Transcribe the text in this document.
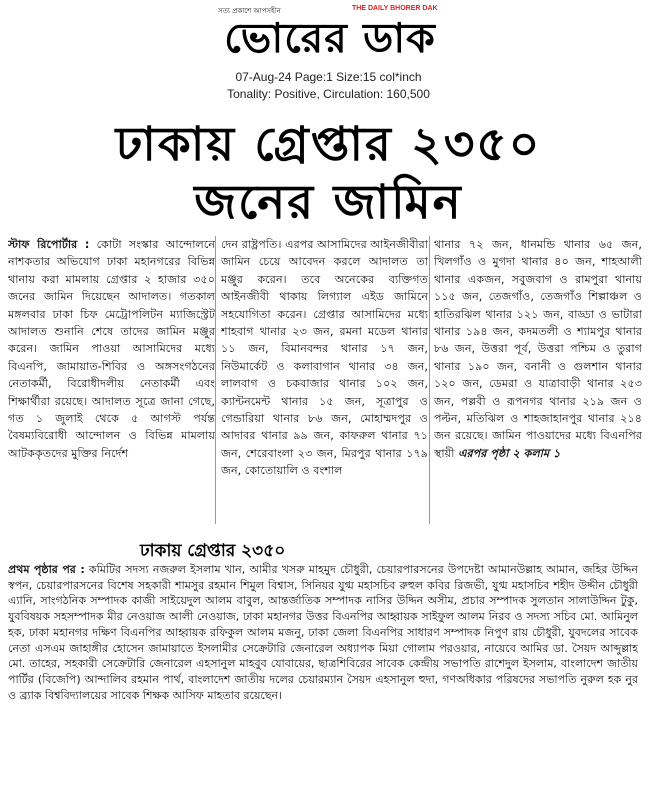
সত্য প্রকাশে আপসহীন	THE DAILY BHORER DAK
ভোরের ডাক
07-Aug-24 Page:1 Size:15 col*inch
Tonality: Positive, Circulation: 160,500
ঢাকায় গ্রেপ্তার ২৩৫০
জনের জামিন
স্টাফ রিপোর্টার : কোটা সংস্কার আন্দোলনে নাশকতার অভিযোগ ঢাকা মহানগরের বিভিন্ন থানায় করা মামলায় গ্রেপ্তার ২ হাজার ৩৫০ জনের জামিন দিয়েছেন আদালত। গতকাল মঙ্গলবার ঢাকা চিফ মেট্রোপলিটন ম্যাজিস্ট্রেট আদালত শুনানি শেষে তাদের জামিন মঞ্জুর করেন। জামিন পাওয়া আসামিদের মধ্যে বিএনপি, জামায়াত-শিবির ও অঙ্গসংগঠনের নেতাকর্মী, বিরোধীদলীয় নেতাকর্মী এবং শিক্ষার্থীরা রয়েছে। আদালত সূত্রে জানা গেছে, গত ১ জুলাই থেকে ৫ আগস্ট পর্যন্ত বৈষম্যবিরোধী আন্দোলন ও বিভিন্ন মামলায় আটককৃতদের মুক্তির নির্দেশ
দেন রাষ্ট্রপতি। এরপর আসামিদের আইনজীবীরা জামিন চেয়ে আবেদন করলে আদালত তা মঞ্জুর করেন। তবে অনেকের ব্যক্তিগত আইনজীবী থাকায় লিগ্যাল এইড জামিনে সহযোগিতা করেন। গ্রেপ্তার আসামিদের মধ্যে শাহবাগ থানার ২৩ জন, রমনা মডেল থানার ১১ জন, বিমানবন্দর থানার ১৭ জন, নিউমার্কেট ও কলাবাগান থানার ৩৪ জন, লালবাগ ও চকবাজার থানার ১০২ জন, ক্যান্টনমেন্ট থানার ১৫ জন, সূত্রাপুর ও গেন্ডারিয়া থানার ৮৬ জন, মোহাম্মদপুর ও আদাবর থানার ৯৯ জন, কাফরুল থানার ৭১ জন, শেরেবাংলা ২৩ জন, মিরপুর থানার ১৭৯ জন, কোতোয়ালি ও বংশাল
থানার ৭২ জন, ধানমন্ডি থানার ৬৫ জন, খিলগাঁও ও মুগদা থানার ৪০ জন, শাহআলী থানার একজন, সবুজবাগ ও রামপুরা থানায় ১১৫ জন, তেজগাঁও, তেজগাঁও শিল্পাঞ্চল ও হাতিরঝিল থানার ১২১ জন, বাড্ডা ও ভাটারা থানার ১৯৪ জন, কদমতলী ও শ্যামপুর থানার ৮৬ জন, উত্তরা পূর্ব, উত্তরা পশ্চিম ও তুরাগ থানার ১৯০ জন, বনানী ও গুলশান থানার ১২০ জন, ডেমরা ও যাত্রাবাড়ী থানার ২৫৩ জন, পল্লবী ও রূপনগর থানার ২১৯ জন ও পল্টন, মতিঝিল ও শাহজাহানপুর থানার ২১৪ জন রয়েছে। জামিন পাওয়াদের মধ্যে বিএনপির স্থায়ী এরপর পৃষ্ঠা ২ কলাম ১
ঢাকায় গ্রেপ্তার ২৩৫০
প্রথম পৃষ্ঠার পর : কমিটির সদস্য নজরুল ইসলাম খান, আমীর খসরু মাহমুদ চৌধুরী, চেয়ারপারসনের উপদেষ্টা আমানউল্লাহ আমান, জহির উদ্দিন স্বপন, চেয়ারপারসনের বিশেষ সহকারী শামসুর রহমান শিমুল বিশ্বাস, সিনিয়র যুগ্ম মহাসচিব রুহুল কবির রিজভী, যুগ্ম মহাসচিব শহীদ উদ্দীন চৌধুরী এ্যানি, সাংগঠনিক সম্পাদক কাজী সাইয়েদুল আলম বাবুল, আন্তর্জাতিক সম্পাদক নাসির উদ্দিন অসীম, প্রচার সম্পাদক সুলতান সালাউদ্দিন টুকু, যুববিষয়ক সহসম্পাদক মীর নেওয়াজ আলী নেওয়াজ, ঢাকা মহানগর উত্তর বিএনপির আহ্বায়ক সাইফুল আলম নিরব ও সদস্য সচিব মো. আমিনুল হক, ঢাকা মহানগর দক্ষিণ বিএনপির আহ্বায়ক রফিকুল আলম মজনু, ঢাকা জেলা বিএনপির সাধারণ সম্পাদক নিপুণ রায় চৌধুরী, যুবদলের সাবেক নেতা এসএম জাহাঙ্গীর হোসেন জামায়াতে ইসলামীর সেক্রেটারি জেনারেল অধ্যাপক মিয়া গোলাম পরওয়ার, নায়েবে আমির ডা. সৈয়দ আব্দুল্লাহ মো. তাহের, সহকারী সেক্রেটারি জেনারেল এহসানুল মাহবুব যোবায়ের, ছাত্রশিবিরের সাবেক কেন্দ্রীয় সভাপতি রাশেদুল ইসলাম, বাংলাদেশ জাতীয় পার্টির (বিজেপি) আন্দালিব রহমান পার্থ, বাংলাদেশ জাতীয় দলের চেয়ারম্যান সৈয়দ এহসানুল হুদা, গণঅধিকার পরিষদের সভাপতি নুরুল হক নুর ও ব্র্যাক বিশ্ববিদ্যালয়ের সাবেক শিক্ষক আসিফ মাহতাব রয়েছেন।
